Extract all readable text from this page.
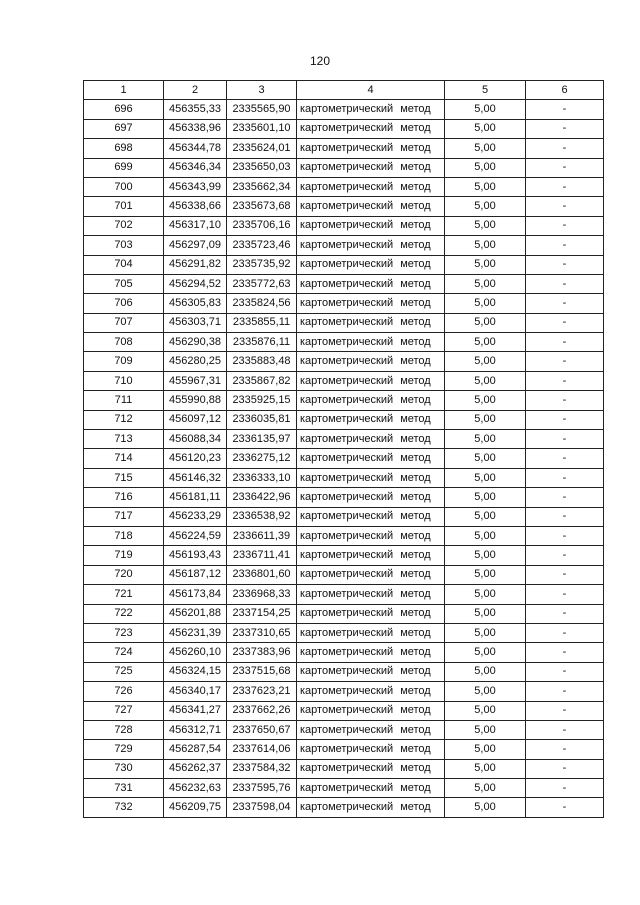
120
1	2	3	4	5	6
696	456355,33	2335565,90	картометрический метод	5,00	-
697	456338,96	2335601,10	картометрический метод	5,00	-
698	456344,78	2335624,01	картометрический метод	5,00	-
699	456346,34	2335650,03	картометрический метод	5,00	-
700	456343,99	2335662,34	картометрический метод	5,00	-
701	456338,66	2335673,68	картометрический метод	5,00	-
702	456317,10	2335706,16	картометрический метод	5,00	-
703	456297,09	2335723,46	картометрический метод	5,00	-
704	456291,82	2335735,92	картометрический метод	5,00	-
705	456294,52	2335772,63	картометрический метод	5,00	-
706	456305,83	2335824,56	картометрический метод	5,00	-
707	456303,71	2335855,11	картометрический метод	5,00	-
708	456290,38	2335876,11	картометрический метод	5,00	-
709	456280,25	2335883,48	картометрический метод	5,00	-
710	455967,31	2335867,82	картометрический метод	5,00	-
711	455990,88	2335925,15	картометрический метод	5,00	-
712	456097,12	2336035,81	картометрический метод	5,00	-
713	456088,34	2336135,97	картометрический метод	5,00	-
714	456120,23	2336275,12	картометрический метод	5,00	-
715	456146,32	2336333,10	картометрический метод	5,00	-
716	456181,11	2336422,96	картометрический метод	5,00	-
717	456233,29	2336538,92	картометрический метод	5,00	-
718	456224,59	2336611,39	картометрический метод	5,00	-
719	456193,43	2336711,41	картометрический метод	5,00	-
720	456187,12	2336801,60	картометрический метод	5,00	-
721	456173,84	2336968,33	картометрический метод	5,00	-
722	456201,88	2337154,25	картометрический метод	5,00	-
723	456231,39	2337310,65	картометрический метод	5,00	-
724	456260,10	2337383,96	картометрический метод	5,00	-
725	456324,15	2337515,68	картометрический метод	5,00	-
726	456340,17	2337623,21	картометрический метод	5,00	-
727	456341,27	2337662,26	картометрический метод	5,00	-
728	456312,71	2337650,67	картометрический метод	5,00	-
729	456287,54	2337614,06	картометрический метод	5,00	-
730	456262,37	2337584,32	картометрический метод	5,00	-
731	456232,63	2337595,76	картометрический метод	5,00	-
732	456209,75	2337598,04	картометрический метод	5,00	-
